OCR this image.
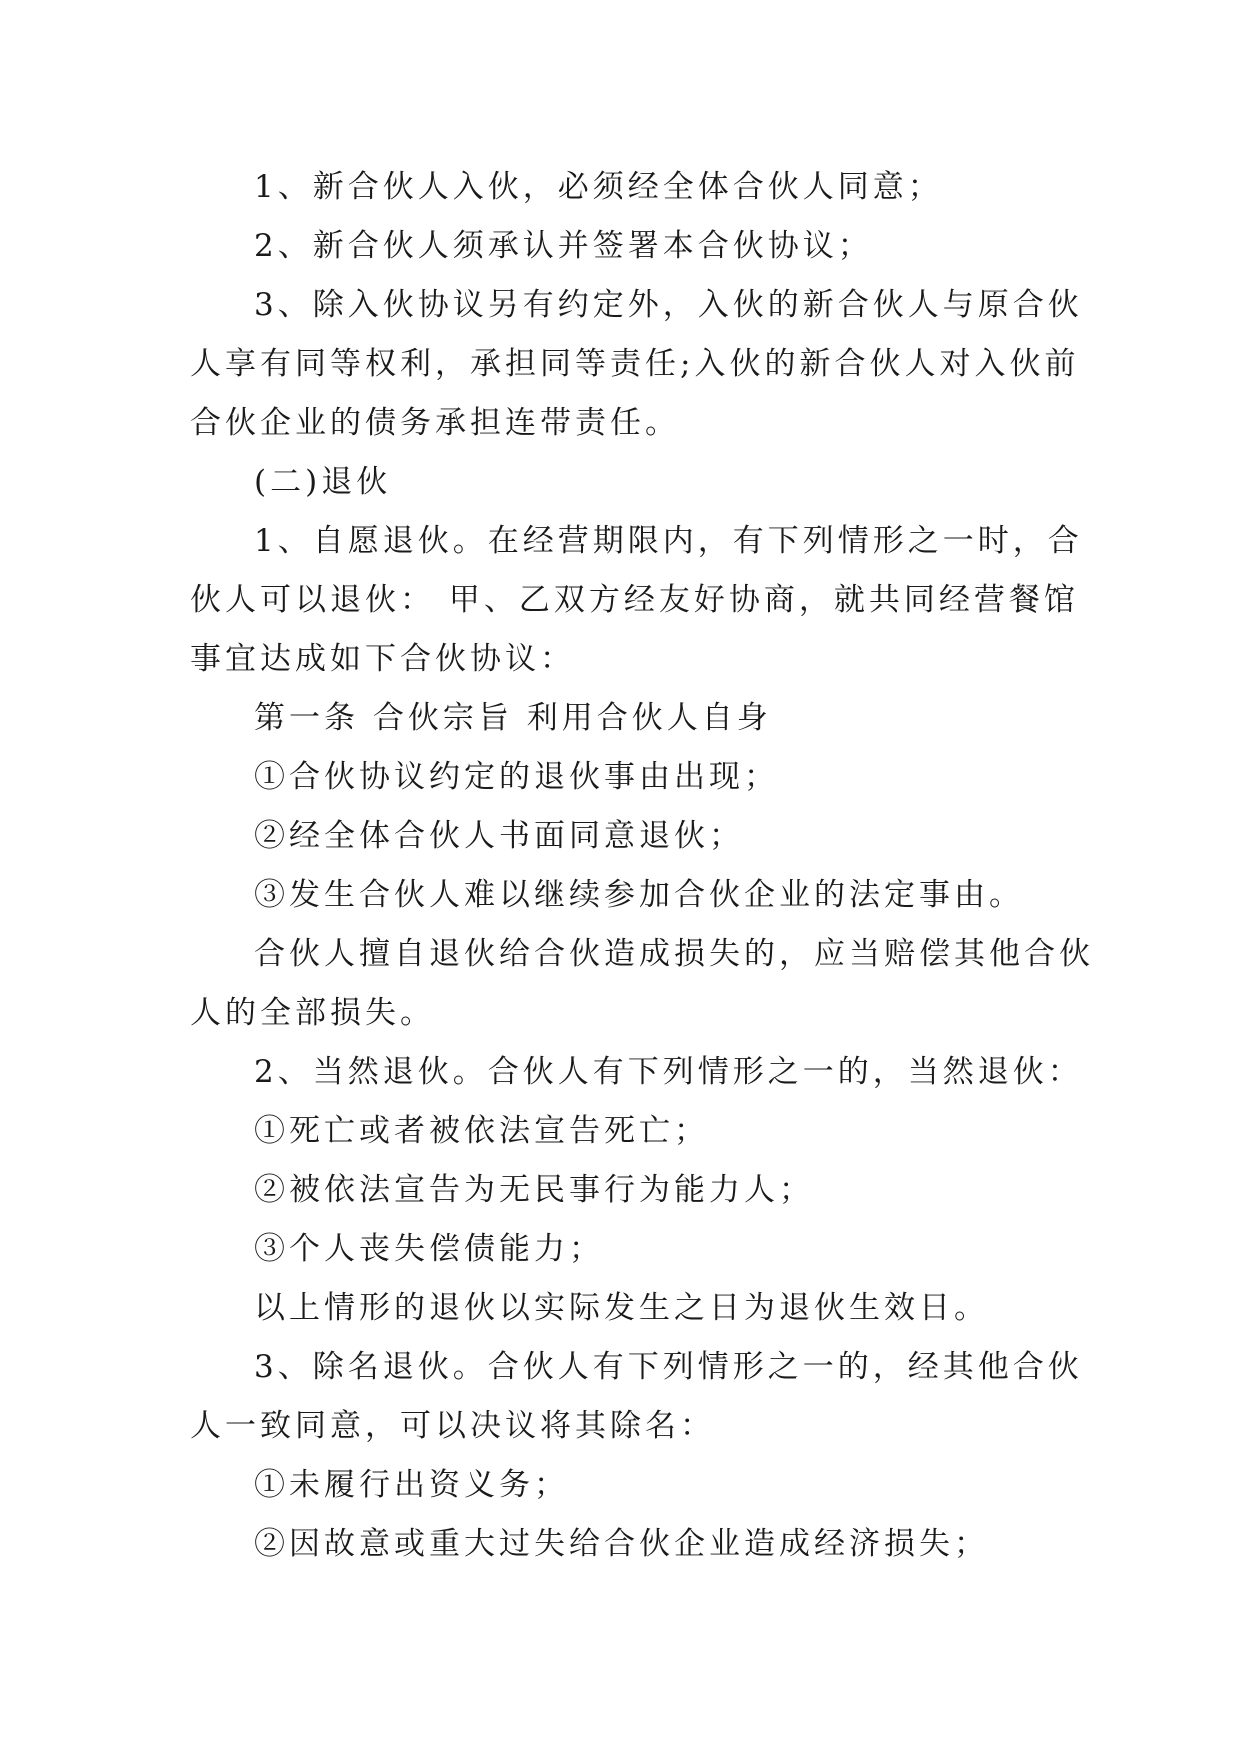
1、新合伙人入伙，必须经全体合伙人同意；
2、新合伙人须承认并签署本合伙协议；
3、除入伙协议另有约定外，入伙的新合伙人与原合伙
人享有同等权利，承担同等责任;入伙的新合伙人对入伙前
合伙企业的债务承担连带责任。
(二)退伙
1、自愿退伙。在经营期限内，有下列情形之一时，合
伙人可以退伙： 甲、乙双方经友好协商，就共同经营餐馆
事宜达成如下合伙协议：
第一条 合伙宗旨 利用合伙人自身
①合伙协议约定的退伙事由出现；
②经全体合伙人书面同意退伙；
③发生合伙人难以继续参加合伙企业的法定事由。
合伙人擅自退伙给合伙造成损失的，应当赔偿其他合伙
人的全部损失。
2、当然退伙。合伙人有下列情形之一的，当然退伙：
①死亡或者被依法宣告死亡；
②被依法宣告为无民事行为能力人；
③个人丧失偿债能力；
以上情形的退伙以实际发生之日为退伙生效日。
3、除名退伙。合伙人有下列情形之一的，经其他合伙
人一致同意，可以决议将其除名：
①未履行出资义务；
②因故意或重大过失给合伙企业造成经济损失；
